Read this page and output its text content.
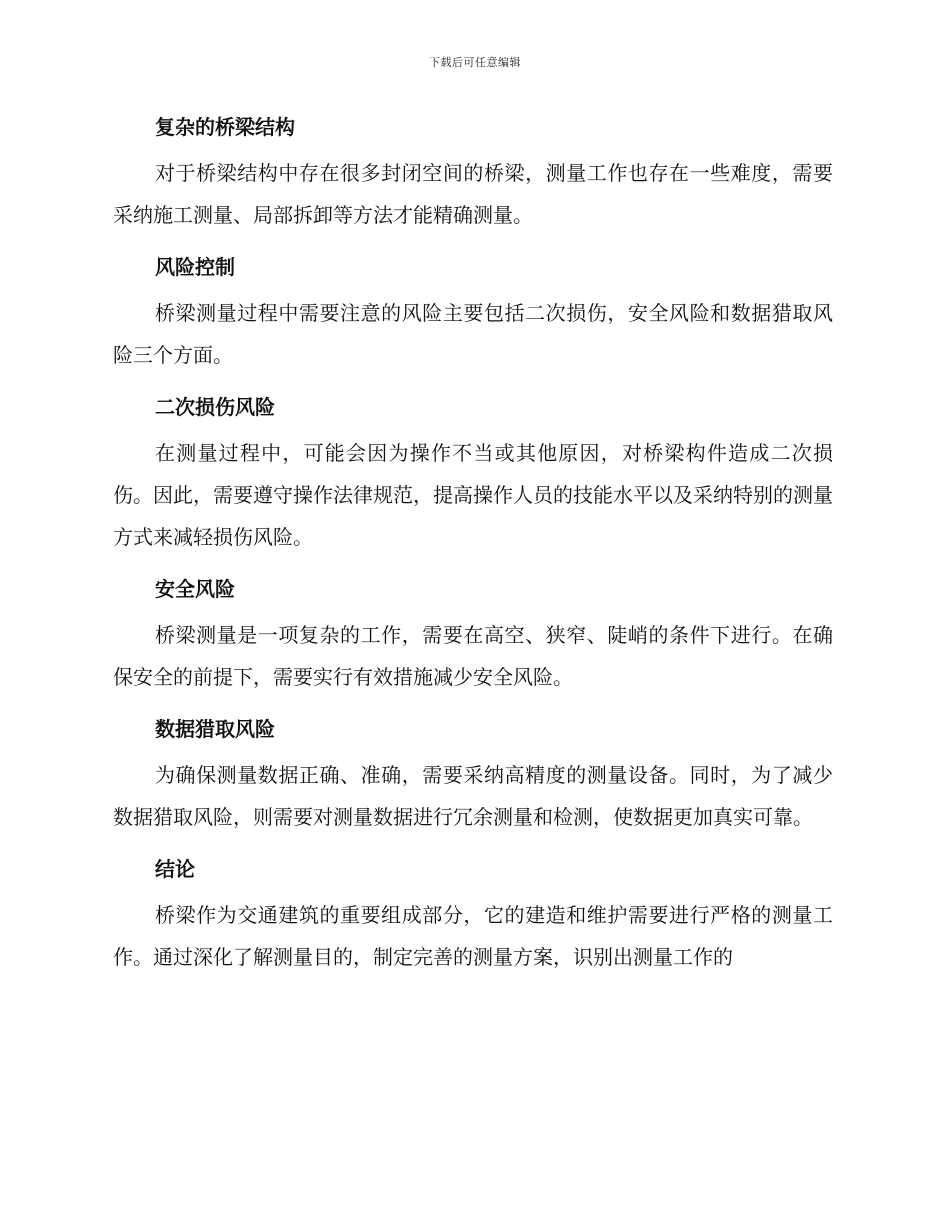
下载后可任意编辑
复杂的桥梁结构

对于桥梁结构中存在很多封闭空间的桥梁，测量工作也存在一些难度，需要采纳施工测量、局部拆卸等方法才能精确测量。

风险控制

桥梁测量过程中需要注意的风险主要包括二次损伤，安全风险和数据猎取风险三个方面。

二次损伤风险

在测量过程中，可能会因为操作不当或其他原因，对桥梁构件造成二次损伤。因此，需要遵守操作法律规范，提高操作人员的技能水平以及采纳特别的测量方式来减轻损伤风险。

安全风险

桥梁测量是一项复杂的工作，需要在高空、狭窄、陡峭的条件下进行。在确保安全的前提下，需要实行有效措施减少安全风险。

数据猎取风险

为确保测量数据正确、准确，需要采纳高精度的测量设备。同时，为了减少数据猎取风险，则需要对测量数据进行冗余测量和检测，使数据更加真实可靠。

结论

桥梁作为交通建筑的重要组成部分，它的建造和维护需要进行严格的测量工作。通过深化了解测量目的，制定完善的测量方案，识别出测量工作的
